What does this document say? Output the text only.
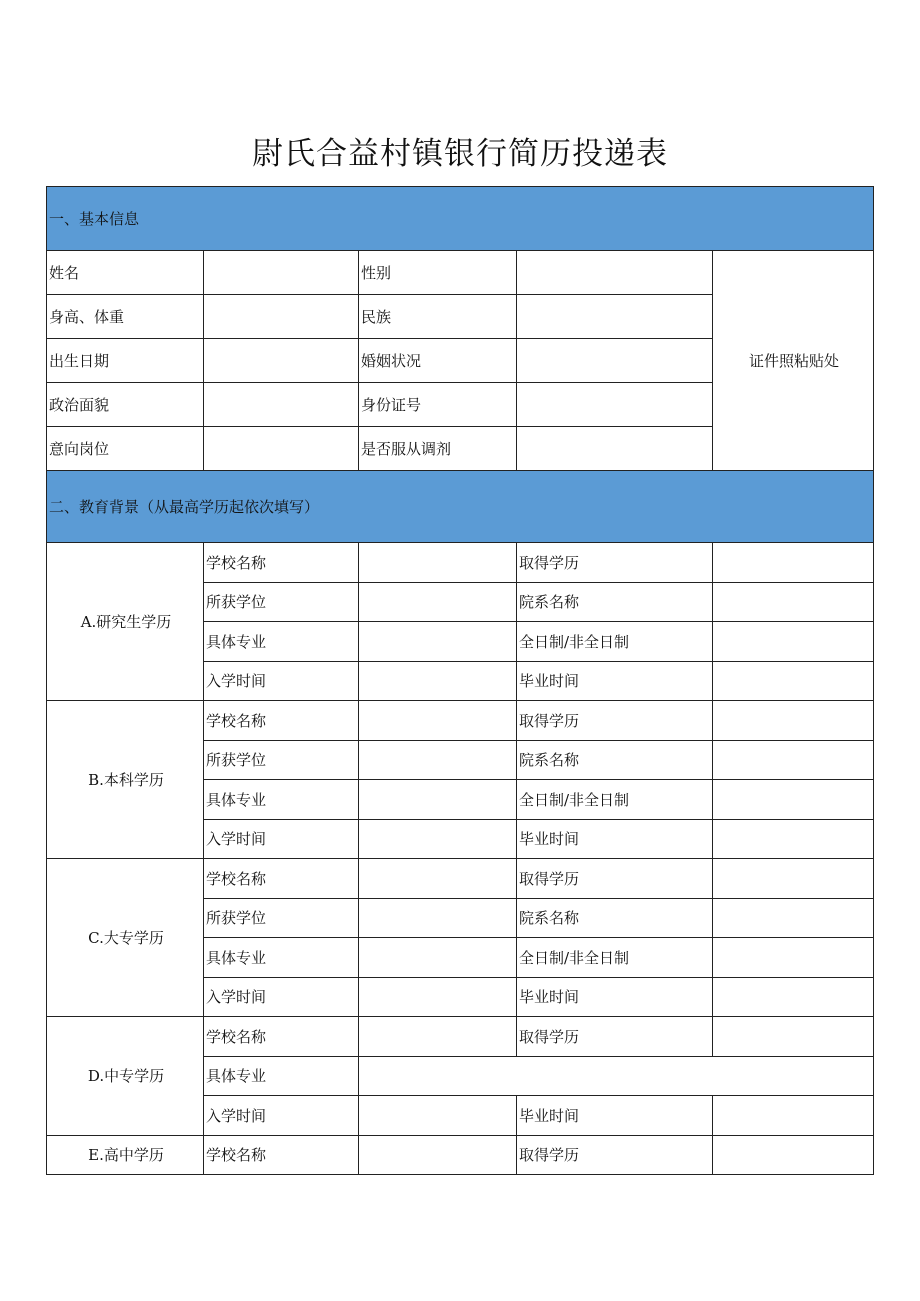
尉氏合益村镇银行简历投递表
一、基本信息				
姓名		性别		证件照粘贴处
身高、体重		民族		
出生日期		婚姻状况		
政治面貌		身份证号		
意向岗位		是否服从调剂		
二、教育背景（从最高学历起依次填写）				
A.研究生学历	学校名称		取得学历	
	所获学位		院系名称	
	具体专业		全日制/非全日制	
	入学时间		毕业时间	
B.本科学历	学校名称		取得学历	
	所获学位		院系名称	
	具体专业		全日制/非全日制	
	入学时间		毕业时间	
C.大专学历	学校名称		取得学历	
	所获学位		院系名称	
	具体专业		全日制/非全日制	
	入学时间		毕业时间	
D.中专学历	学校名称		取得学历	
	具体专业			
	入学时间		毕业时间	
E.高中学历	学校名称		取得学历	
